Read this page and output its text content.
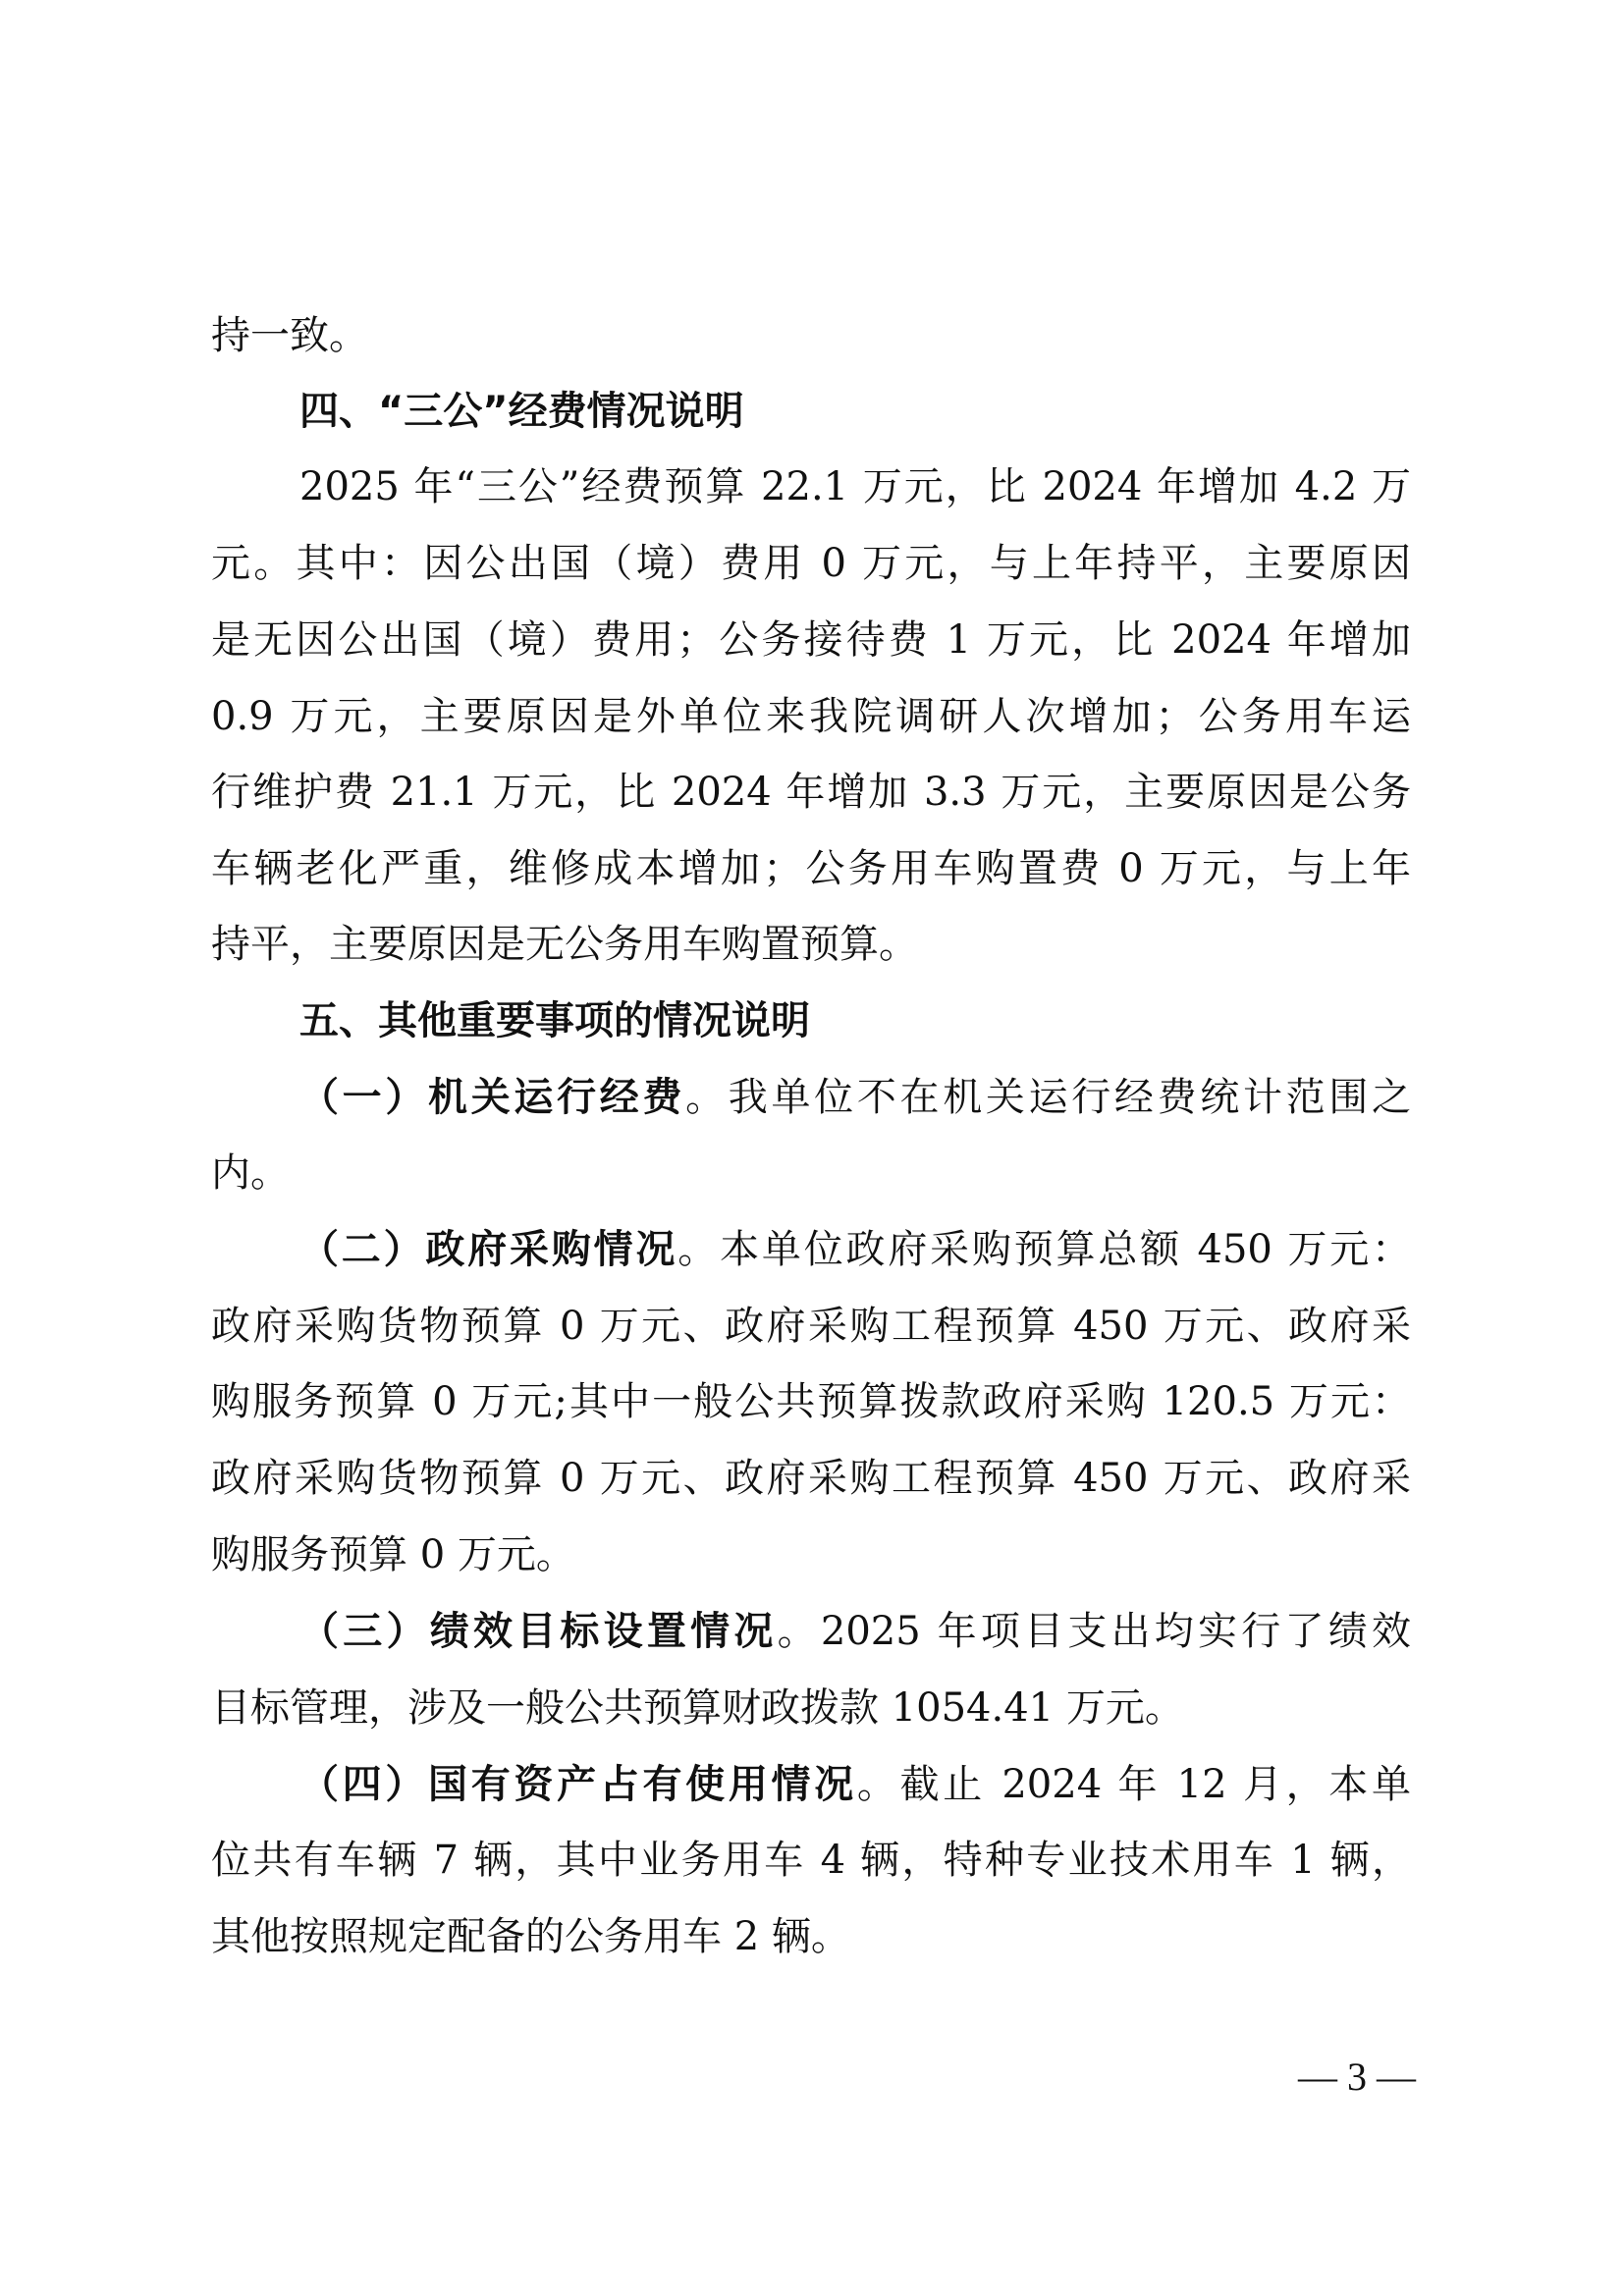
持一致。
四、“三公”经费情况说明
2025 年“三公”经费预算 22.1 万元，比 2024 年增加 4.2 万
元。其中：因公出国（境）费用 0 万元，与上年持平，主要原因
是无因公出国（境）费用；公务接待费 1 万元，比 2024 年增加
0.9 万元，主要原因是外单位来我院调研人次增加；公务用车运
行维护费 21.1 万元，比 2024 年增加 3.3 万元，主要原因是公务
车辆老化严重，维修成本增加；公务用车购置费 0 万元，与上年
持平，主要原因是无公务用车购置预算。
五、其他重要事项的情况说明
（一）机关运行经费。我单位不在机关运行经费统计范围之
内。
（二）政府采购情况。本单位政府采购预算总额 450 万元：
政府采购货物预算 0 万元、政府采购工程预算 450 万元、政府采
购服务预算 0 万元;其中一般公共预算拨款政府采购 120.5 万元：
政府采购货物预算 0 万元、政府采购工程预算 450 万元、政府采
购服务预算 0 万元。
（三）绩效目标设置情况。2025 年项目支出均实行了绩效
目标管理，涉及一般公共预算财政拨款 1054.41 万元。
（四）国有资产占有使用情况。截止 2024 年 12 月，本单
位共有车辆 7 辆，其中业务用车 4 辆，特种专业技术用车 1 辆，
其他按照规定配备的公务用车 2 辆。
— 3 —
